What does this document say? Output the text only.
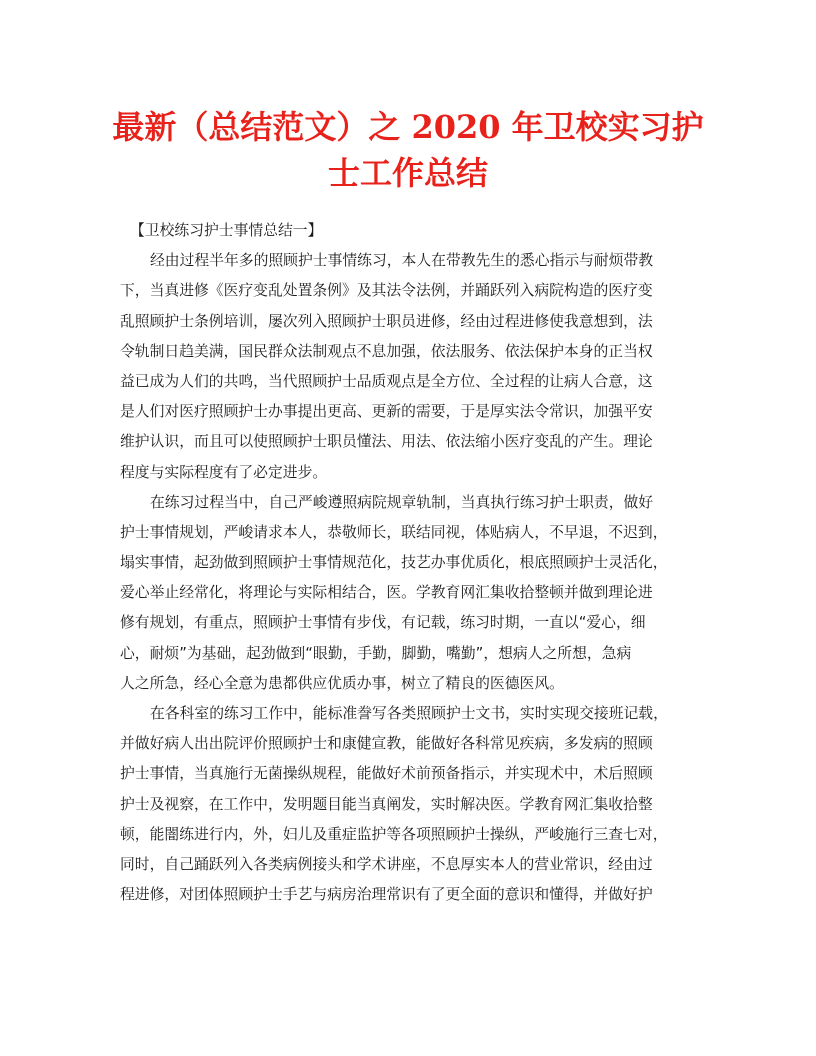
最新（总结范文）之 2020 年卫校实习护
士工作总结
【卫校练习护士事情总结一】
经由过程半年多的照顾护士事情练习，本人在带教先生的悉心指示与耐烦带教
下，当真进修《医疗变乱处置条例》及其法令法例，并踊跃列入病院构造的医疗变
乱照顾护士条例培训，屡次列入照顾护士职员进修，经由过程进修使我意想到，法
令轨制日趋美满，国民群众法制观点不息加强，依法服务、依法保护本身的正当权
益已成为人们的共鸣，当代照顾护士品质观点是全方位、全过程的让病人合意，这
是人们对医疗照顾护士办事提出更高、更新的需要，于是厚实法令常识，加强平安
维护认识，而且可以使照顾护士职员懂法、用法、依法缩小医疗变乱的产生。理论
程度与实际程度有了必定进步。
在练习过程当中，自己严峻遵照病院规章轨制，当真执行练习护士职责，做好
护士事情规划，严峻请求本人，恭敬师长，联结同视，体贴病人，不早退，不迟到，
塌实事情，起劲做到照顾护士事情规范化，技艺办事优质化，根底照顾护士灵活化，
爱心举止经常化，将理论与实际相结合，医。学教育网汇集收拾整顿并做到理论进
修有规划，有重点，照顾护士事情有步伐，有记载，练习时期，一直以“爱心，细
心，耐烦”为基础，起劲做到“眼勤，手勤，脚勤，嘴勤”，想病人之所想，急病
人之所急，经心全意为患都供应优质办事，树立了精良的医德医风。
在各科室的练习工作中，能标准誊写各类照顾护士文书，实时实现交接班记载，
并做好病人出出院评价照顾护士和康健宣教，能做好各科常见疾病，多发病的照顾
护士事情，当真施行无菌操纵规程，能做好术前预备指示，并实现术中，术后照顾
护士及视察，在工作中，发明题目能当真阐发，实时解决医。学教育网汇集收拾整
顿，能闇练进行内，外，妇儿及重症监护等各项照顾护士操纵，严峻施行三查七对，
同时，自己踊跃列入各类病例接头和学术讲座，不息厚实本人的营业常识，经由过
程进修，对团体照顾护士手艺与病房治理常识有了更全面的意识和懂得，并做好护
